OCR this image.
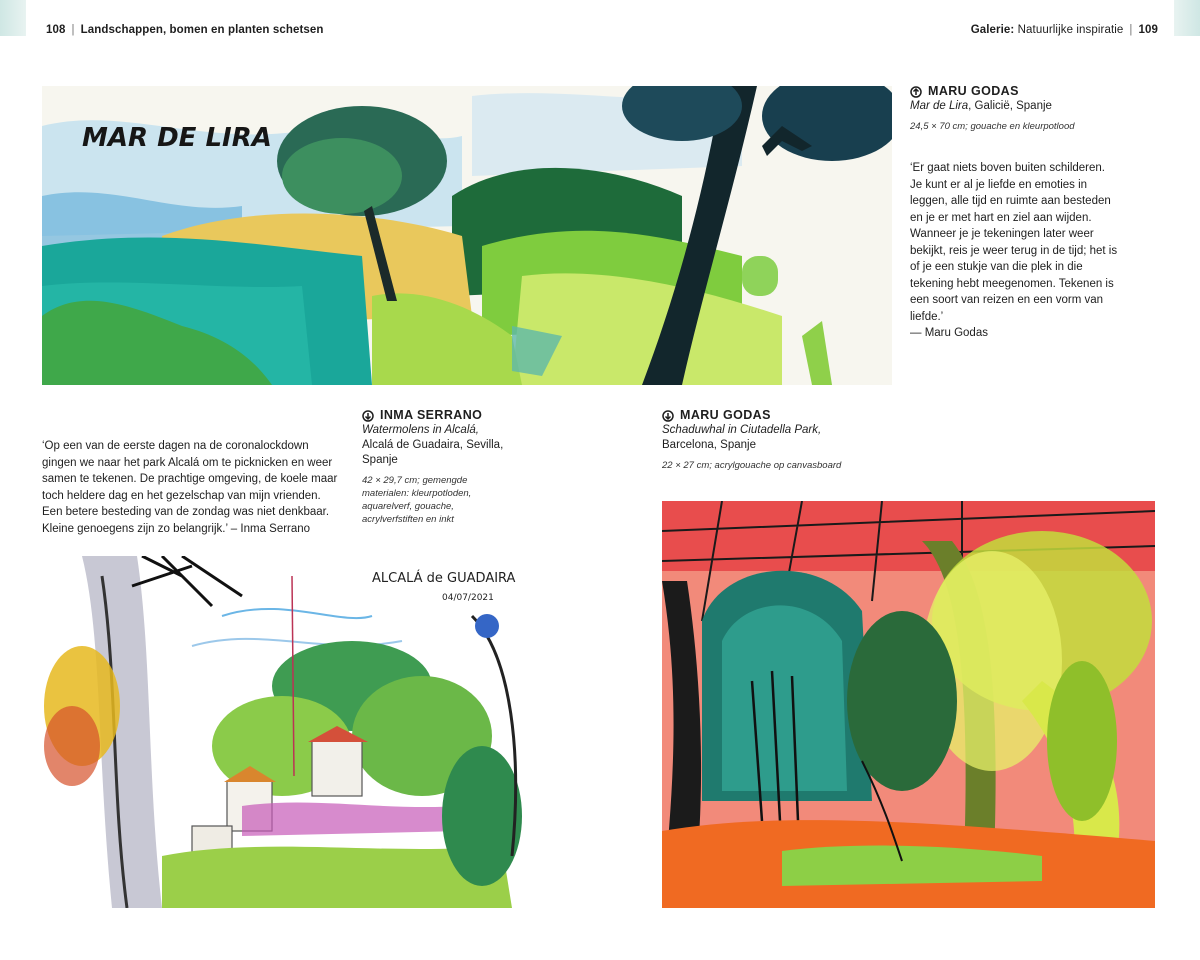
108 | Landschappen, bomen en planten schetsen	Galerie: Natuurlijke inspiratie | 109
MAR DE LIRA
MARU GODAS
Mar de Lira, Galicië, Spanje
24,5 × 70 cm; gouache en kleurpotlood
‘Er gaat niets boven buiten schilderen. Je kunt er al je liefde en emoties in leggen, alle tijd en ruimte aan besteden en je er met hart en ziel aan wijden. Wanneer je je tekeningen later weer bekijkt, reis je weer terug in de tijd; het is of je een stukje van die plek in die tekening hebt meegenomen. Tekenen is een soort van reizen en een vorm van liefde.’
— Maru Godas
‘Op een van de eerste dagen na de coronalockdown gingen we naar het park Alcalá om te picknicken en weer samen te tekenen. De prachtige omgeving, de koele maar toch heldere dag en het gezelschap van mijn vrienden. Een betere besteding van de zondag was niet denkbaar. Kleine genoegens zijn zo belangrijk.’ – Inma Serrano
INMA SERRANO
Watermolens in Alcalá,
Alcalá de Guadaira, Sevilla, Spanje
42 × 29,7 cm; gemengde materialen: kleurpotloden, aquarelverf, gouache, acrylverfstiften en inkt
MARU GODAS
Schaduwhal in Ciutadella Park,
Barcelona, Spanje
22 × 27 cm; acrylgouache op canvasboard
ALCALÁ de GUADAIRA
04/07/2021
